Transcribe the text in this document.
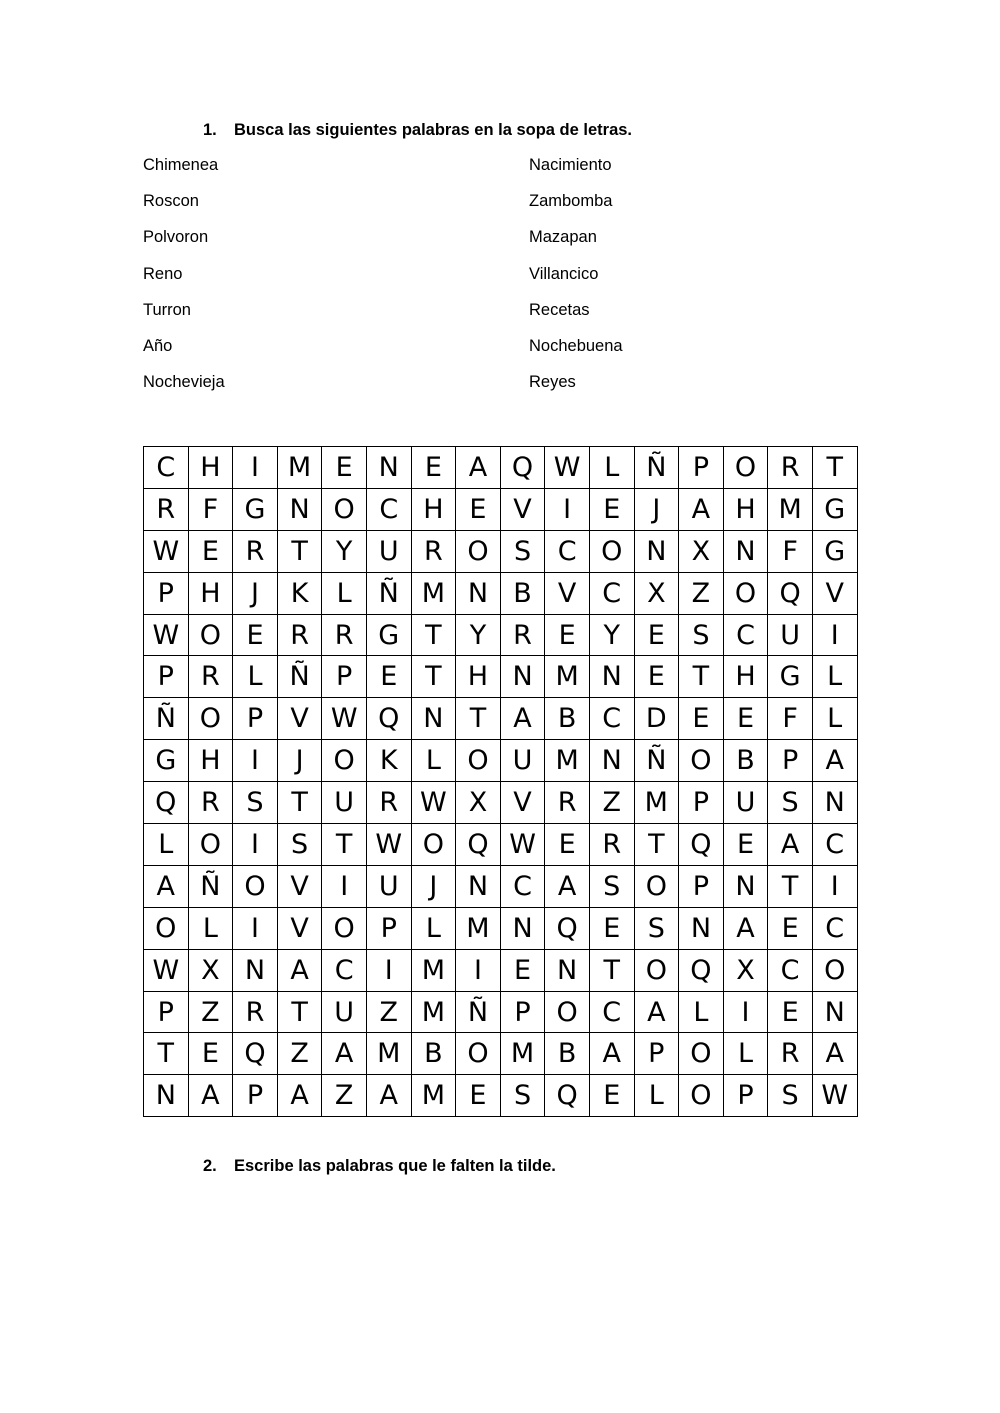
1. Busca las siguientes palabras en la sopa de letras.

Chimenea
Roscon
Polvoron
Reno
Turron
Año
Nochevieja
Nacimiento
Zambomba
Mazapan
Villancico
Recetas
Nochebuena
Reyes
C	H	I	M	E	N	E	A	Q	W	L	Ñ	P	O	R	T
R	F	G	N	O	C	H	E	V	I	E	J	A	H	M	G
W	E	R	T	Y	U	R	O	S	C	O	N	X	N	F	G
P	H	J	K	L	Ñ	M	N	B	V	C	X	Z	O	Q	V
W	O	E	R	R	G	T	Y	R	E	Y	E	S	C	U	I
P	R	L	Ñ	P	E	T	H	N	M	N	E	T	H	G	L
Ñ	O	P	V	W	Q	N	T	A	B	C	D	E	E	F	L
G	H	I	J	O	K	L	O	U	M	N	Ñ	O	B	P	A
Q	R	S	T	U	R	W	X	V	R	Z	M	P	U	S	N
L	O	I	S	T	W	O	Q	W	E	R	T	Q	E	A	C
A	Ñ	O	V	I	U	J	N	C	A	S	O	P	N	T	I
O	L	I	V	O	P	L	M	N	Q	E	S	N	A	E	C
W	X	N	A	C	I	M	I	E	N	T	O	Q	X	C	O
P	Z	R	T	U	Z	M	Ñ	P	O	C	A	L	I	E	N
T	E	Q	Z	A	M	B	O	M	B	A	P	O	L	R	A
N	A	P	A	Z	A	M	E	S	Q	E	L	O	P	S	W

2. Escribe las palabras que le falten la tilde.
